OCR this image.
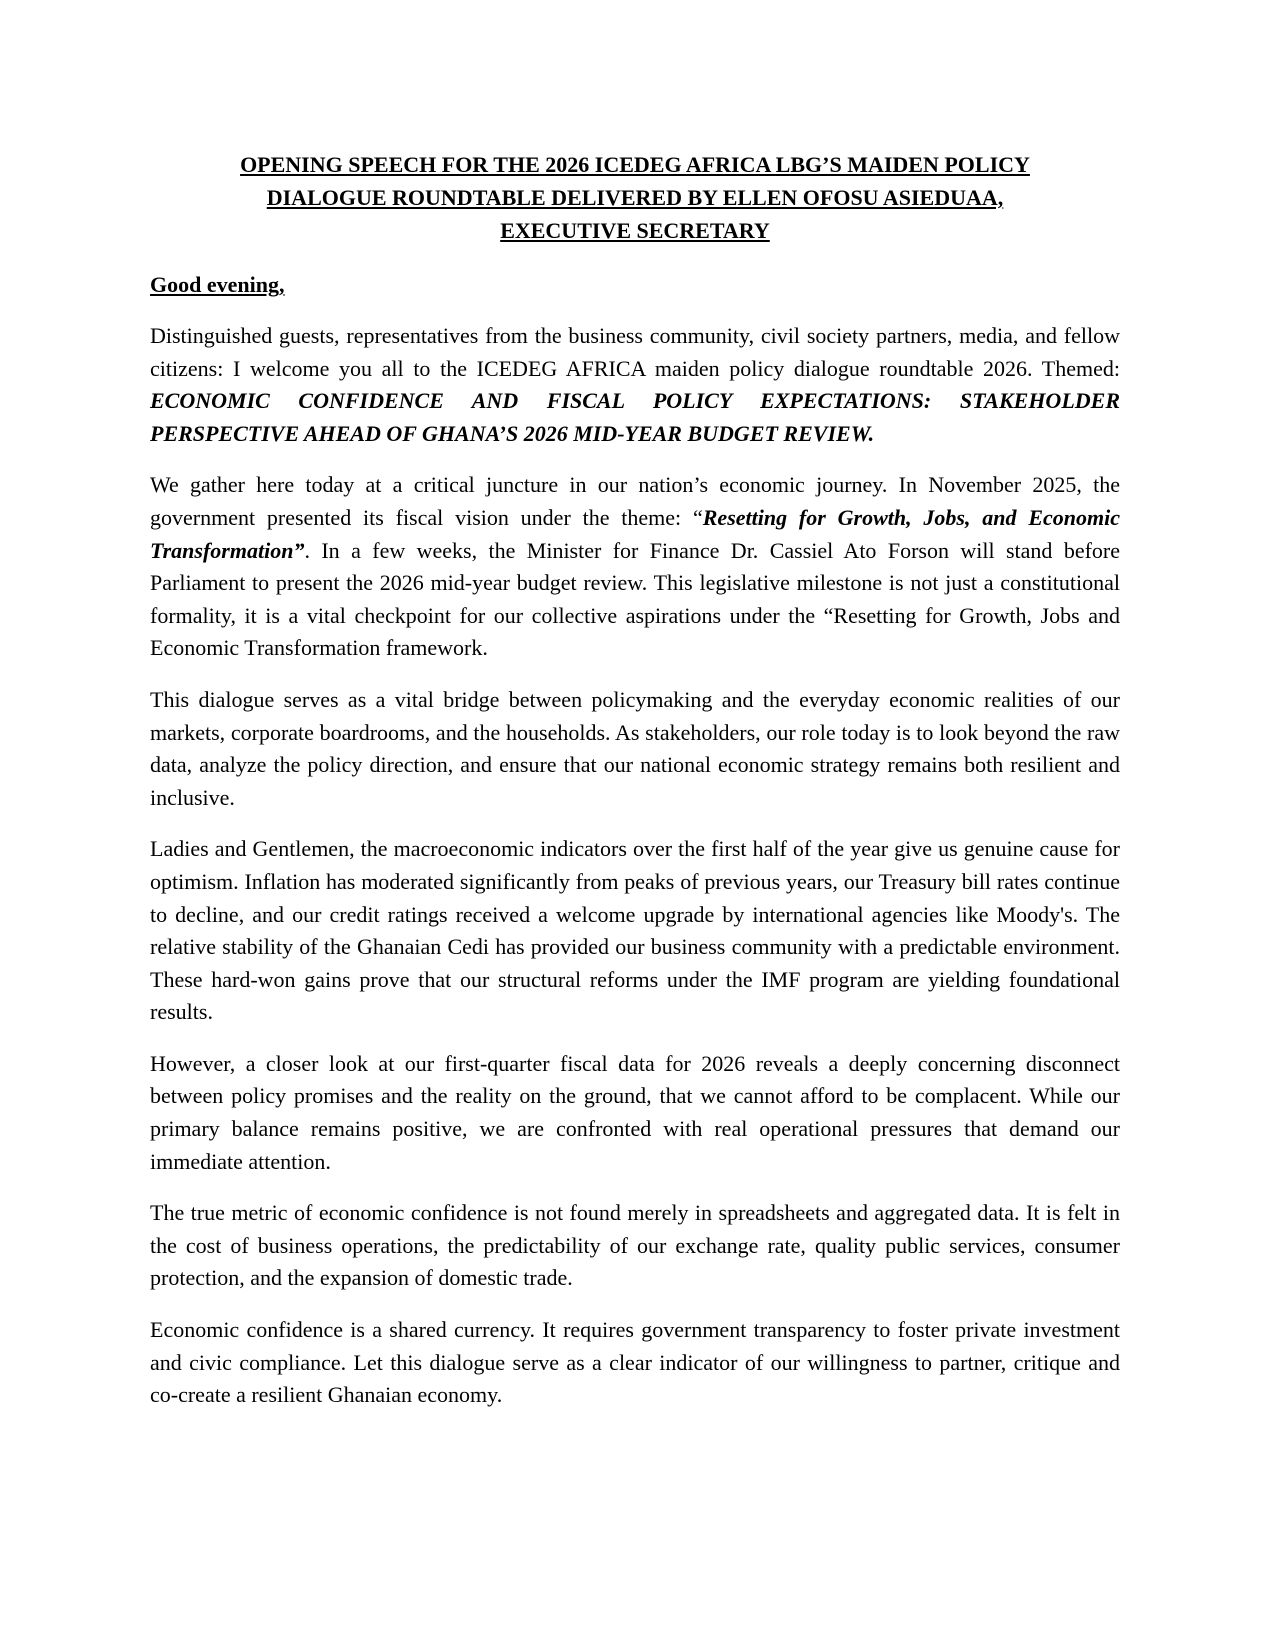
OPENING SPEECH FOR THE 2026 ICEDEG AFRICA LBG’S MAIDEN POLICY
DIALOGUE ROUNDTABLE DELIVERED BY ELLEN OFOSU ASIEDUAA,
EXECUTIVE SECRETARY
Good evening,

Distinguished guests, representatives from the business community, civil society partners, media, and fellow citizens: I welcome you all to the ICEDEG AFRICA maiden policy dialogue roundtable 2026. Themed: ECONOMIC CONFIDENCE AND FISCAL POLICY EXPECTATIONS: STAKEHOLDER PERSPECTIVE AHEAD OF GHANA’S 2026 MID-YEAR BUDGET REVIEW.

We gather here today at a critical juncture in our nation’s economic journey. In November 2025, the government presented its fiscal vision under the theme: “Resetting for Growth, Jobs, and Economic Transformation”. In a few weeks, the Minister for Finance Dr. Cassiel Ato Forson will stand before Parliament to present the 2026 mid-year budget review. This legislative milestone is not just a constitutional formality, it is a vital checkpoint for our collective aspirations under the “Resetting for Growth, Jobs and Economic Transformation framework.

This dialogue serves as a vital bridge between policymaking and the everyday economic realities of our markets, corporate boardrooms, and the households. As stakeholders, our role today is to look beyond the raw data, analyze the policy direction, and ensure that our national economic strategy remains both resilient and inclusive.

Ladies and Gentlemen, the macroeconomic indicators over the first half of the year give us genuine cause for optimism. Inflation has moderated significantly from peaks of previous years, our Treasury bill rates continue to decline, and our credit ratings received a welcome upgrade by international agencies like Moody's. The relative stability of the Ghanaian Cedi has provided our business community with a predictable environment. These hard-won gains prove that our structural reforms under the IMF program are yielding foundational results.

However, a closer look at our first-quarter fiscal data for 2026 reveals a deeply concerning disconnect between policy promises and the reality on the ground, that we cannot afford to be complacent. While our primary balance remains positive, we are confronted with real operational pressures that demand our immediate attention.

The true metric of economic confidence is not found merely in spreadsheets and aggregated data. It is felt in the cost of business operations, the predictability of our exchange rate, quality public services, consumer protection, and the expansion of domestic trade.

Economic confidence is a shared currency. It requires government transparency to foster private investment and civic compliance. Let this dialogue serve as a clear indicator of our willingness to partner, critique and co-create a resilient Ghanaian economy.
